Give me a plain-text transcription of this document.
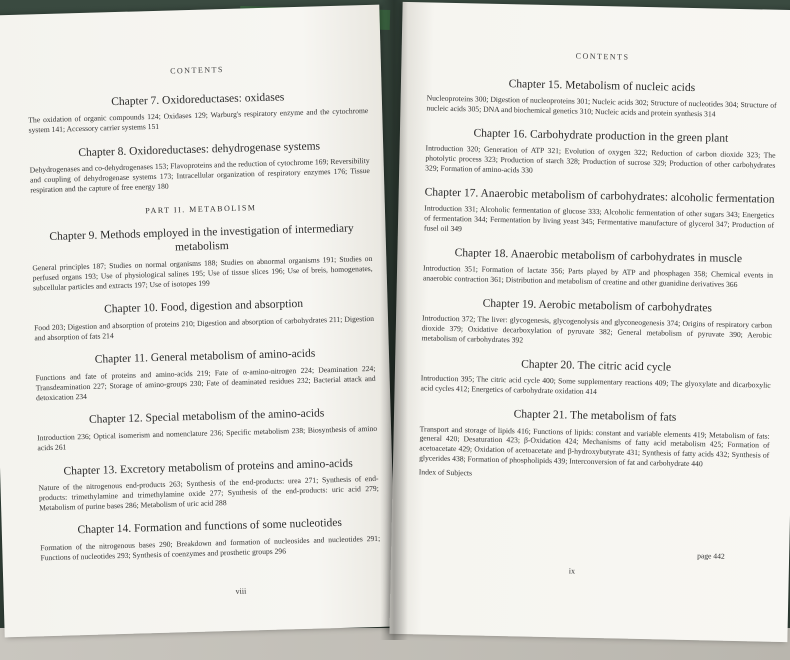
CONTENTS
Chapter 7. Oxidoreductases: oxidases
The oxidation of organic compounds 124; Oxidases 129; Warburg's respiratory enzyme and the cytochrome system 141; Accessory carrier systems 151
Chapter 8. Oxidoreductases: dehydrogenase systems
Dehydrogenases and co-dehydrogenases 153; Flavoproteins and the reduction of cytochrome 169; Reversibility and coupling of dehydrogenase systems 173; Intracellular organization of respiratory enzymes 176; Tissue respiration and the capture of free energy 180
PART II. METABOLISM
Chapter 9. Methods employed in the investigation of intermediary metabolism
General principles 187; Studies on normal organisms 188; Studies on abnormal organisms 191; Studies on perfused organs 193; Use of physiological salines 195; Use of tissue slices 196; Use of breis, homogenates, subcellular particles and extracts 197; Use of isotopes 199
Chapter 10. Food, digestion and absorption
Food 203; Digestion and absorption of proteins 210; Digestion and absorption of carbohydrates 211; Digestion and absorption of fats 214
Chapter 11. General metabolism of amino-acids
Functions and fate of proteins and amino-acids 219; Fate of α-amino-nitrogen 224; Deamination 224; Transdeamination 227; Storage of amino-groups 230; Fate of deaminated residues 232; Bacterial attack and detoxication 234
Chapter 12. Special metabolism of the amino-acids
Introduction 236; Optical isomerism and nomenclature 236; Specific metabolism 238; Biosynthesis of amino acids 261
Chapter 13. Excretory metabolism of proteins and amino-acids
Nature of the nitrogenous end-products 263; Synthesis of the end-products: urea 271; Synthesis of end-products: trimethylamine and trimethylamine oxide 277; Synthesis of the end-products: uric acid 279; Metabolism of purine bases 286; Metabolism of uric acid 288
Chapter 14. Formation and functions of some nucleotides
Formation of the nitrogenous bases 290; Breakdown and formation of nucleosides and nucleotides 291; Functions of nucleotides 293; Synthesis of coenzymes and prosthetic groups 296
viii
CONTENTS
Chapter 15. Metabolism of nucleic acids
Nucleoproteins 300; Digestion of nucleoproteins 301; Nucleic acids 302; Structure of nucleotides 304; Structure of nucleic acids 305; DNA and biochemical genetics 310; Nucleic acids and protein synthesis 314
Chapter 16. Carbohydrate production in the green plant
Introduction 320; Generation of ATP 321; Evolution of oxygen 322; Reduction of carbon dioxide 323; The photolytic process 323; Production of starch 328; Production of sucrose 329; Production of other carbohydrates 329; Formation of amino-acids 330
Chapter 17. Anaerobic metabolism of carbohydrates: alcoholic fermentation
Introduction 331; Alcoholic fermentation of glucose 333; Alcoholic fermentation of other sugars 343; Energetics of fermentation 344; Fermentation by living yeast 345; Fermentative manufacture of glycerol 347; Production of fusel oil 349
Chapter 18. Anaerobic metabolism of carbohydrates in muscle
Introduction 351; Formation of lactate 356; Parts played by ATP and phosphagen 358; Chemical events in anaerobic contraction 361; Distribution and metabolism of creatine and other guanidine derivatives 366
Chapter 19. Aerobic metabolism of carbohydrates
Introduction 372; The liver: glycogenesis, glycogenolysis and glyconeogenesis 374; Origins of respiratory carbon dioxide 379; Oxidative decarboxylation of pyruvate 382; General metabolism of pyruvate 390; Aerobic metabolism of carbohydrates 392
Chapter 20. The citric acid cycle
Introduction 395; The citric acid cycle 400; Some supplementary reactions 409; The glyoxylate and dicarboxylic acid cycles 412; Energetics of carbohydrate oxidation 414
Chapter 21. The metabolism of fats
Transport and storage of lipids 416; Functions of lipids: constant and variable elements 419; Metabolism of fats: general 420; Desaturation 423; β-Oxidation 424; Mechanisms of fatty acid metabolism 425; Formation of acetoacetate 429; Oxidation of acetoacetate and β-hydroxybutyrate 431; Synthesis of fatty acids 432; Synthesis of glycerides 438; Formation of phospholipids 439; Interconversion of fat and carbohydrate 440
Index of Subjects
page 442
ix
